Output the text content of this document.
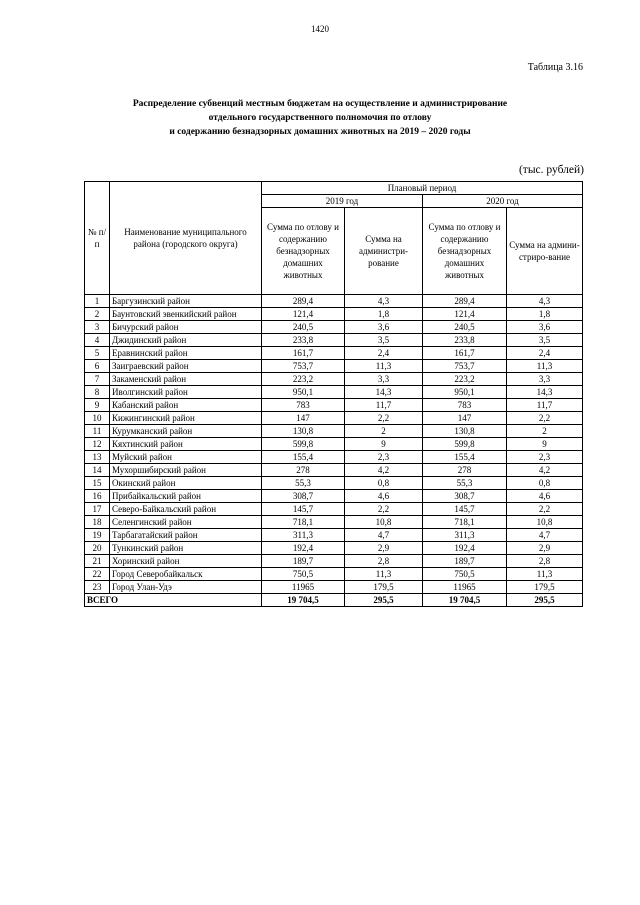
1420
Таблица 3.16
Распределение субвенций местным бюджетам на осуществление и администрирование
отдельного государственного полномочия по отлову
и содержанию безнадзорных домашних животных на 2019 – 2020 годы
(тыс. рублей)
№ п/п	Наименование муниципального района (городского округа)	Плановый период			
		2019 год		2020 год	
		Сумма по отлову и содержанию безнадзорных домашних животных	Сумма на администри-рование	Сумма по отлову и содержанию безнадзорных домашних животных	Сумма на админи-стриро-вание
1	Баргузинский район	289,4	4,3	289,4	4,3
2	Баунтовский эвенкийский район	121,4	1,8	121,4	1,8
3	Бичурский район	240,5	3,6	240,5	3,6
4	Джидинский район	233,8	3,5	233,8	3,5
5	Еравнинский район	161,7	2,4	161,7	2,4
6	Заиграевский район	753,7	11,3	753,7	11,3
7	Закаменский район	223,2	3,3	223,2	3,3
8	Иволгинский район	950,1	14,3	950,1	14,3
9	Кабанский район	783	11,7	783	11,7
10	Кижингинский район	147	2,2	147	2,2
11	Курумканский район	130,8	2	130,8	2
12	Кяхтинский район	599,8	9	599,8	9
13	Муйский район	155,4	2,3	155,4	2,3
14	Мухоршибирский район	278	4,2	278	4,2
15	Окинский район	55,3	0,8	55,3	0,8
16	Прибайкальский район	308,7	4,6	308,7	4,6
17	Северо-Байкальский район	145,7	2,2	145,7	2,2
18	Селенгинский район	718,1	10,8	718,1	10,8
19	Тарбагатайский район	311,3	4,7	311,3	4,7
20	Тункинский район	192,4	2,9	192,4	2,9
21	Хоринский район	189,7	2,8	189,7	2,8
22	Город Северобайкальск	750,5	11,3	750,5	11,3
23	Город Улан-Удэ	11965	179,5	11965	179,5
ВСЕГО		19 704,5	295,5	19 704,5	295,5
